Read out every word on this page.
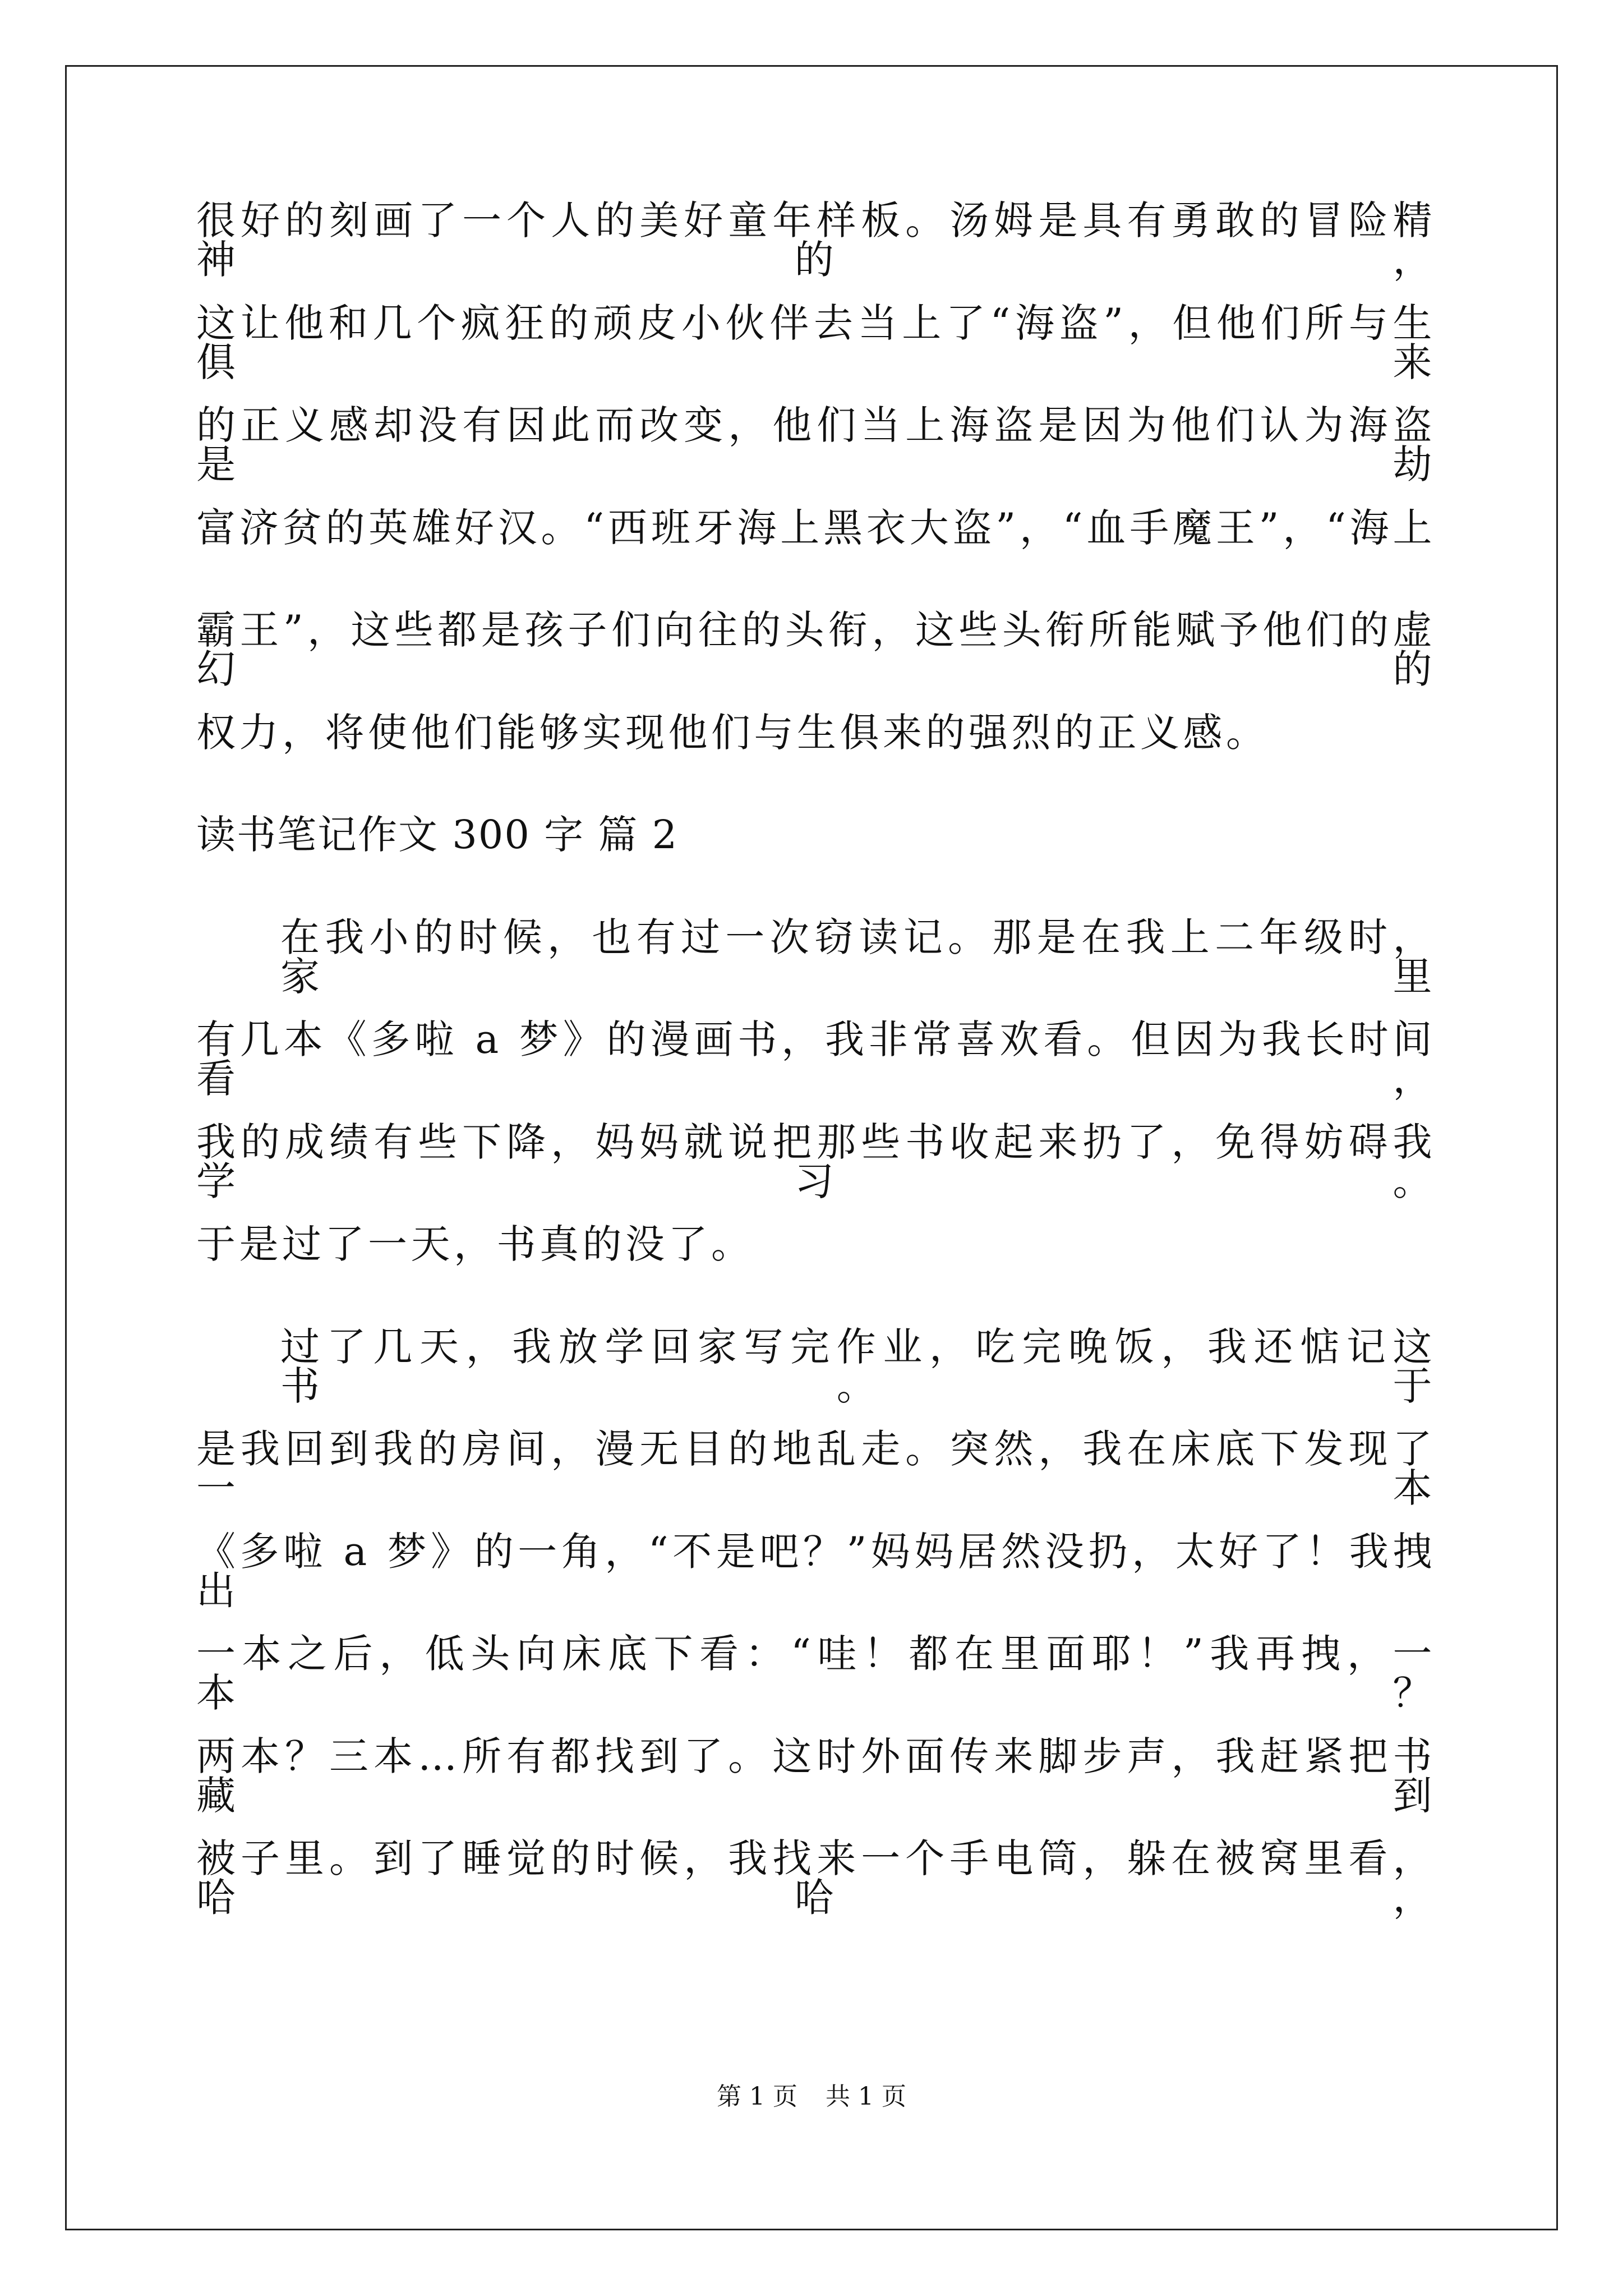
很好的刻画了一个人的美好童年样板。汤姆是具有勇敢的冒险精神的，
这让他和几个疯狂的顽皮小伙伴去当上了“海盗”，但他们所与生俱来
的正义感却没有因此而改变，他们当上海盗是因为他们认为海盗是劫
富济贫的英雄好汉。“西班牙海上黑衣大盗”，“血手魔王”，“海上
霸王”，这些都是孩子们向往的头衔，这些头衔所能赋予他们的虚幻的
权力，将使他们能够实现他们与生俱来的强烈的正义感。
读书笔记作文 300 字 篇 2
在我小的时候，也有过一次窃读记。那是在我上二年级时，家里
有几本《多啦 a 梦》的漫画书，我非常喜欢看。但因为我长时间看，
我的成绩有些下降，妈妈就说把那些书收起来扔了，免得妨碍我学习。
于是过了一天，书真的没了。
过了几天，我放学回家写完作业，吃完晚饭，我还惦记这书。于
是我回到我的房间，漫无目的地乱走。突然，我在床底下发现了一本
《多啦 a 梦》的一角，“不是吧？”妈妈居然没扔，太好了！我拽出
一本之后，低头向床底下看：“哇！都在里面耶！”我再拽，一本？
两本？三本…所有都找到了。这时外面传来脚步声，我赶紧把书藏到
被子里。到了睡觉的时候，我找来一个手电筒，躲在被窝里看，哈哈，
第 1 页 共 1 页
